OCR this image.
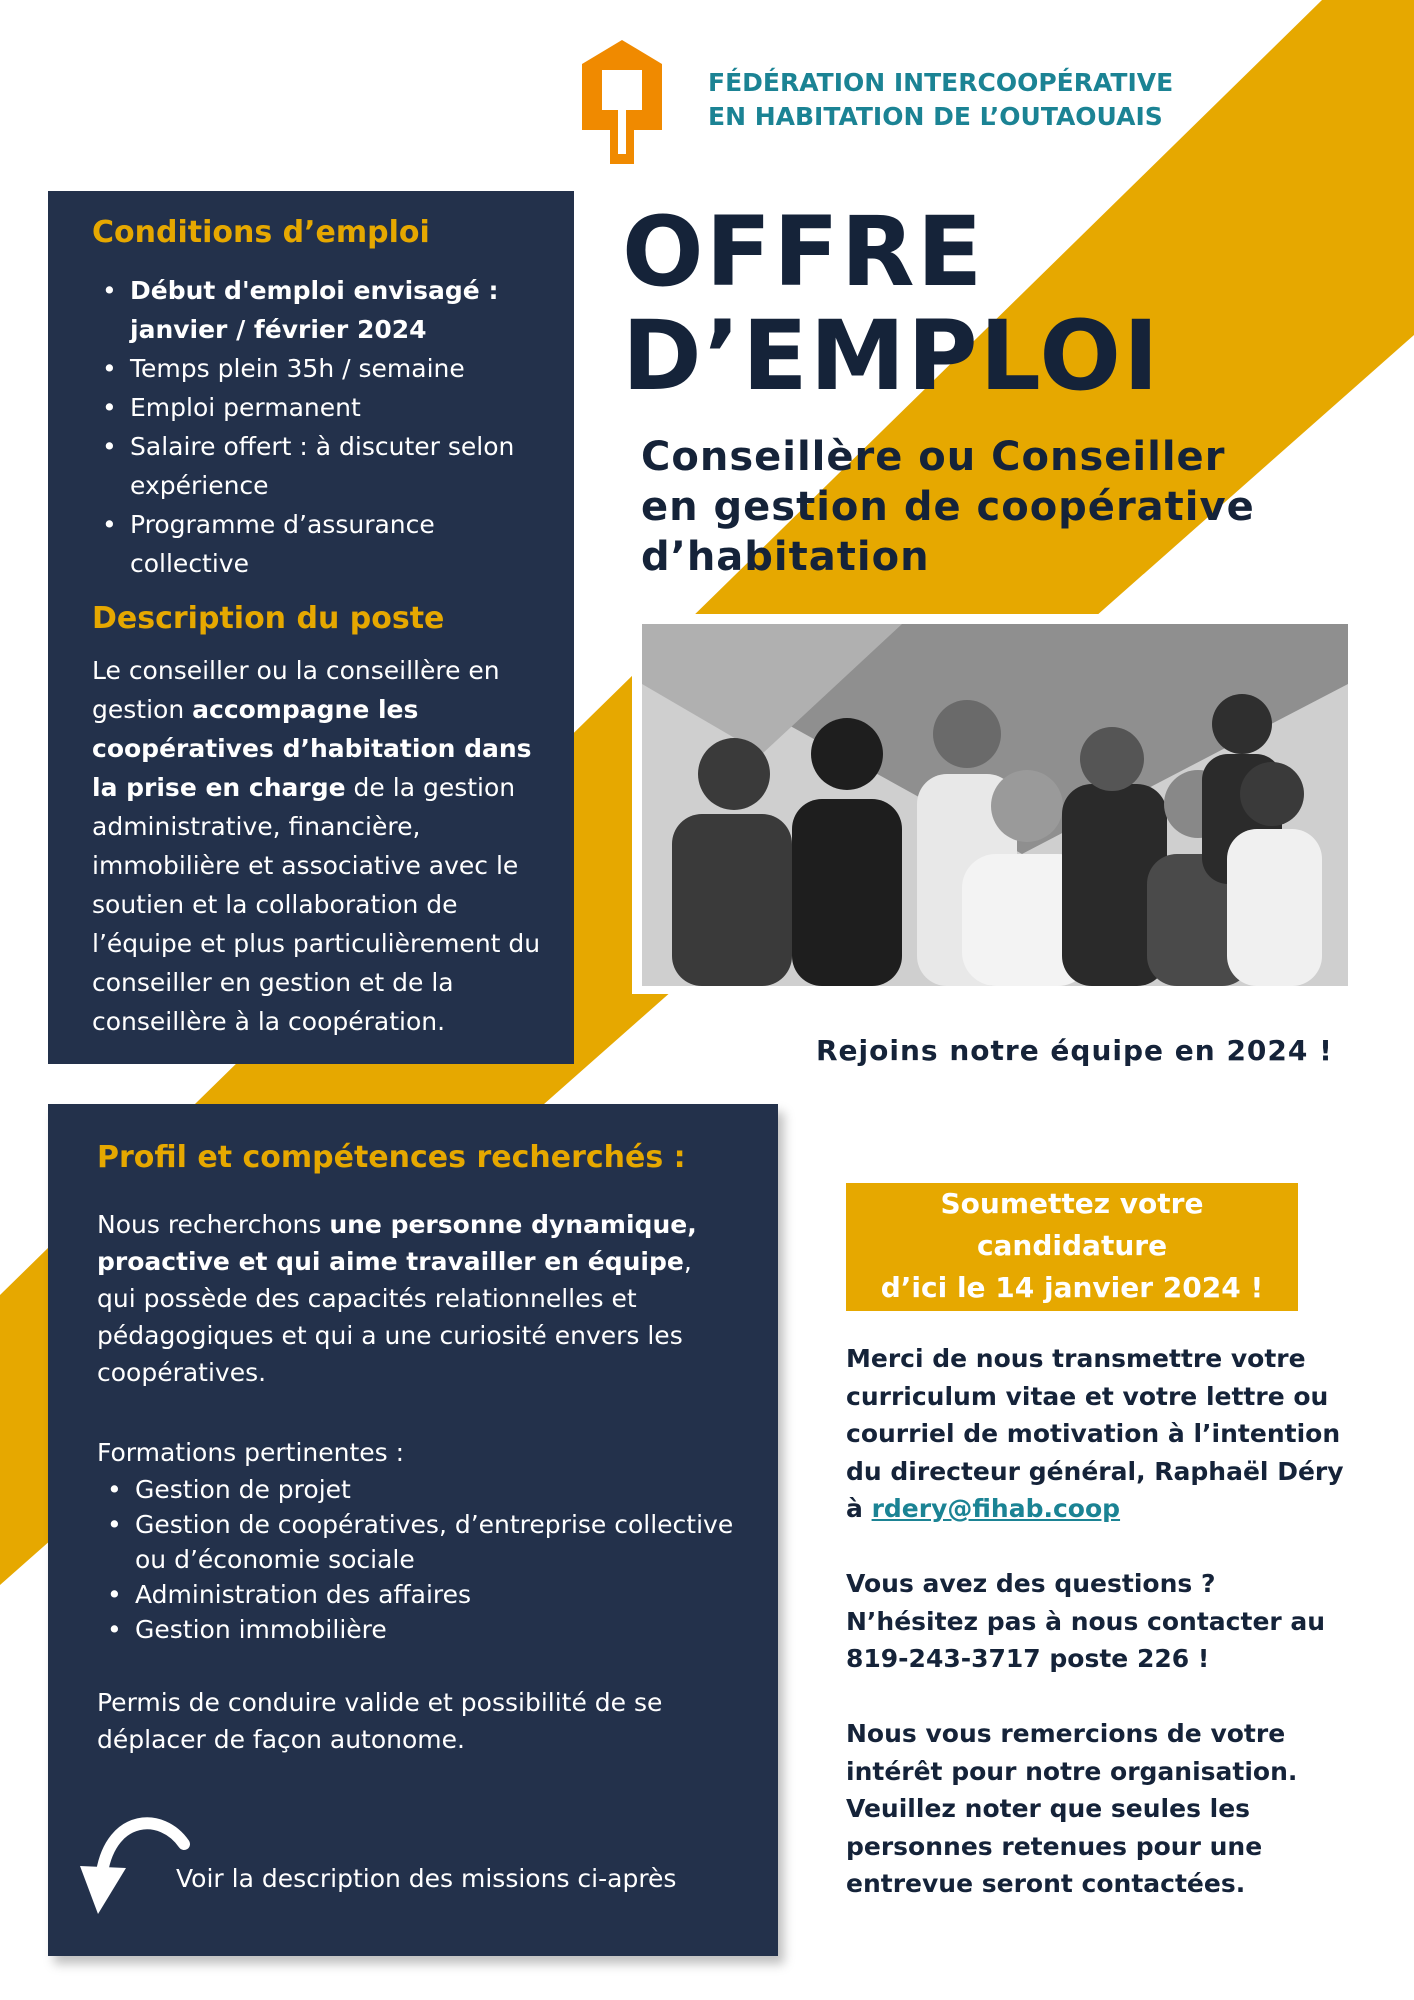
FÉDÉRATION INTERCOOPÉRATIVE
EN HABITATION DE L’OUTAOUAIS
Conditions d’emploi
• Début d'emploi envisagé : janvier / février 2024
• Temps plein 35h / semaine
• Emploi permanent
• Salaire offert : à discuter selon expérience
• Programme d’assurance collective
Description du poste
Le conseiller ou la conseillère en gestion accompagne les coopératives d’habitation dans la prise en charge de la gestion administrative, financière, immobilière et associative avec le soutien et la collaboration de l’équipe et plus particulièrement du conseiller en gestion et de la conseillère à la coopération.
OFFRE
D’EMPLOI
Conseillère ou Conseiller
en gestion de coopérative
d’habitation
Rejoins notre équipe en 2024 !
Profil et compétences recherchés :
Nous recherchons une personne dynamique, proactive et qui aime travailler en équipe, qui possède des capacités relationnelles et pédagogiques et qui a une curiosité envers les coopératives.
Formations pertinentes :
• Gestion de projet
• Gestion de coopératives, d’entreprise collective ou d’économie sociale
• Administration des affaires
• Gestion immobilière
Permis de conduire valide et possibilité de se déplacer de façon autonome.
Voir la description des missions ci-après
Soumettez votre
candidature
d’ici le 14 janvier 2024 !

Merci de nous transmettre votre curriculum vitae et votre lettre ou courriel de motivation à l’intention du directeur général, Raphaël Déry à rdery@fihab.coop

Vous avez des questions ? N’hésitez pas à nous contacter au 819-243-3717 poste 226 !

Nous vous remercions de votre intérêt pour notre organisation. Veuillez noter que seules les personnes retenues pour une entrevue seront contactées.
